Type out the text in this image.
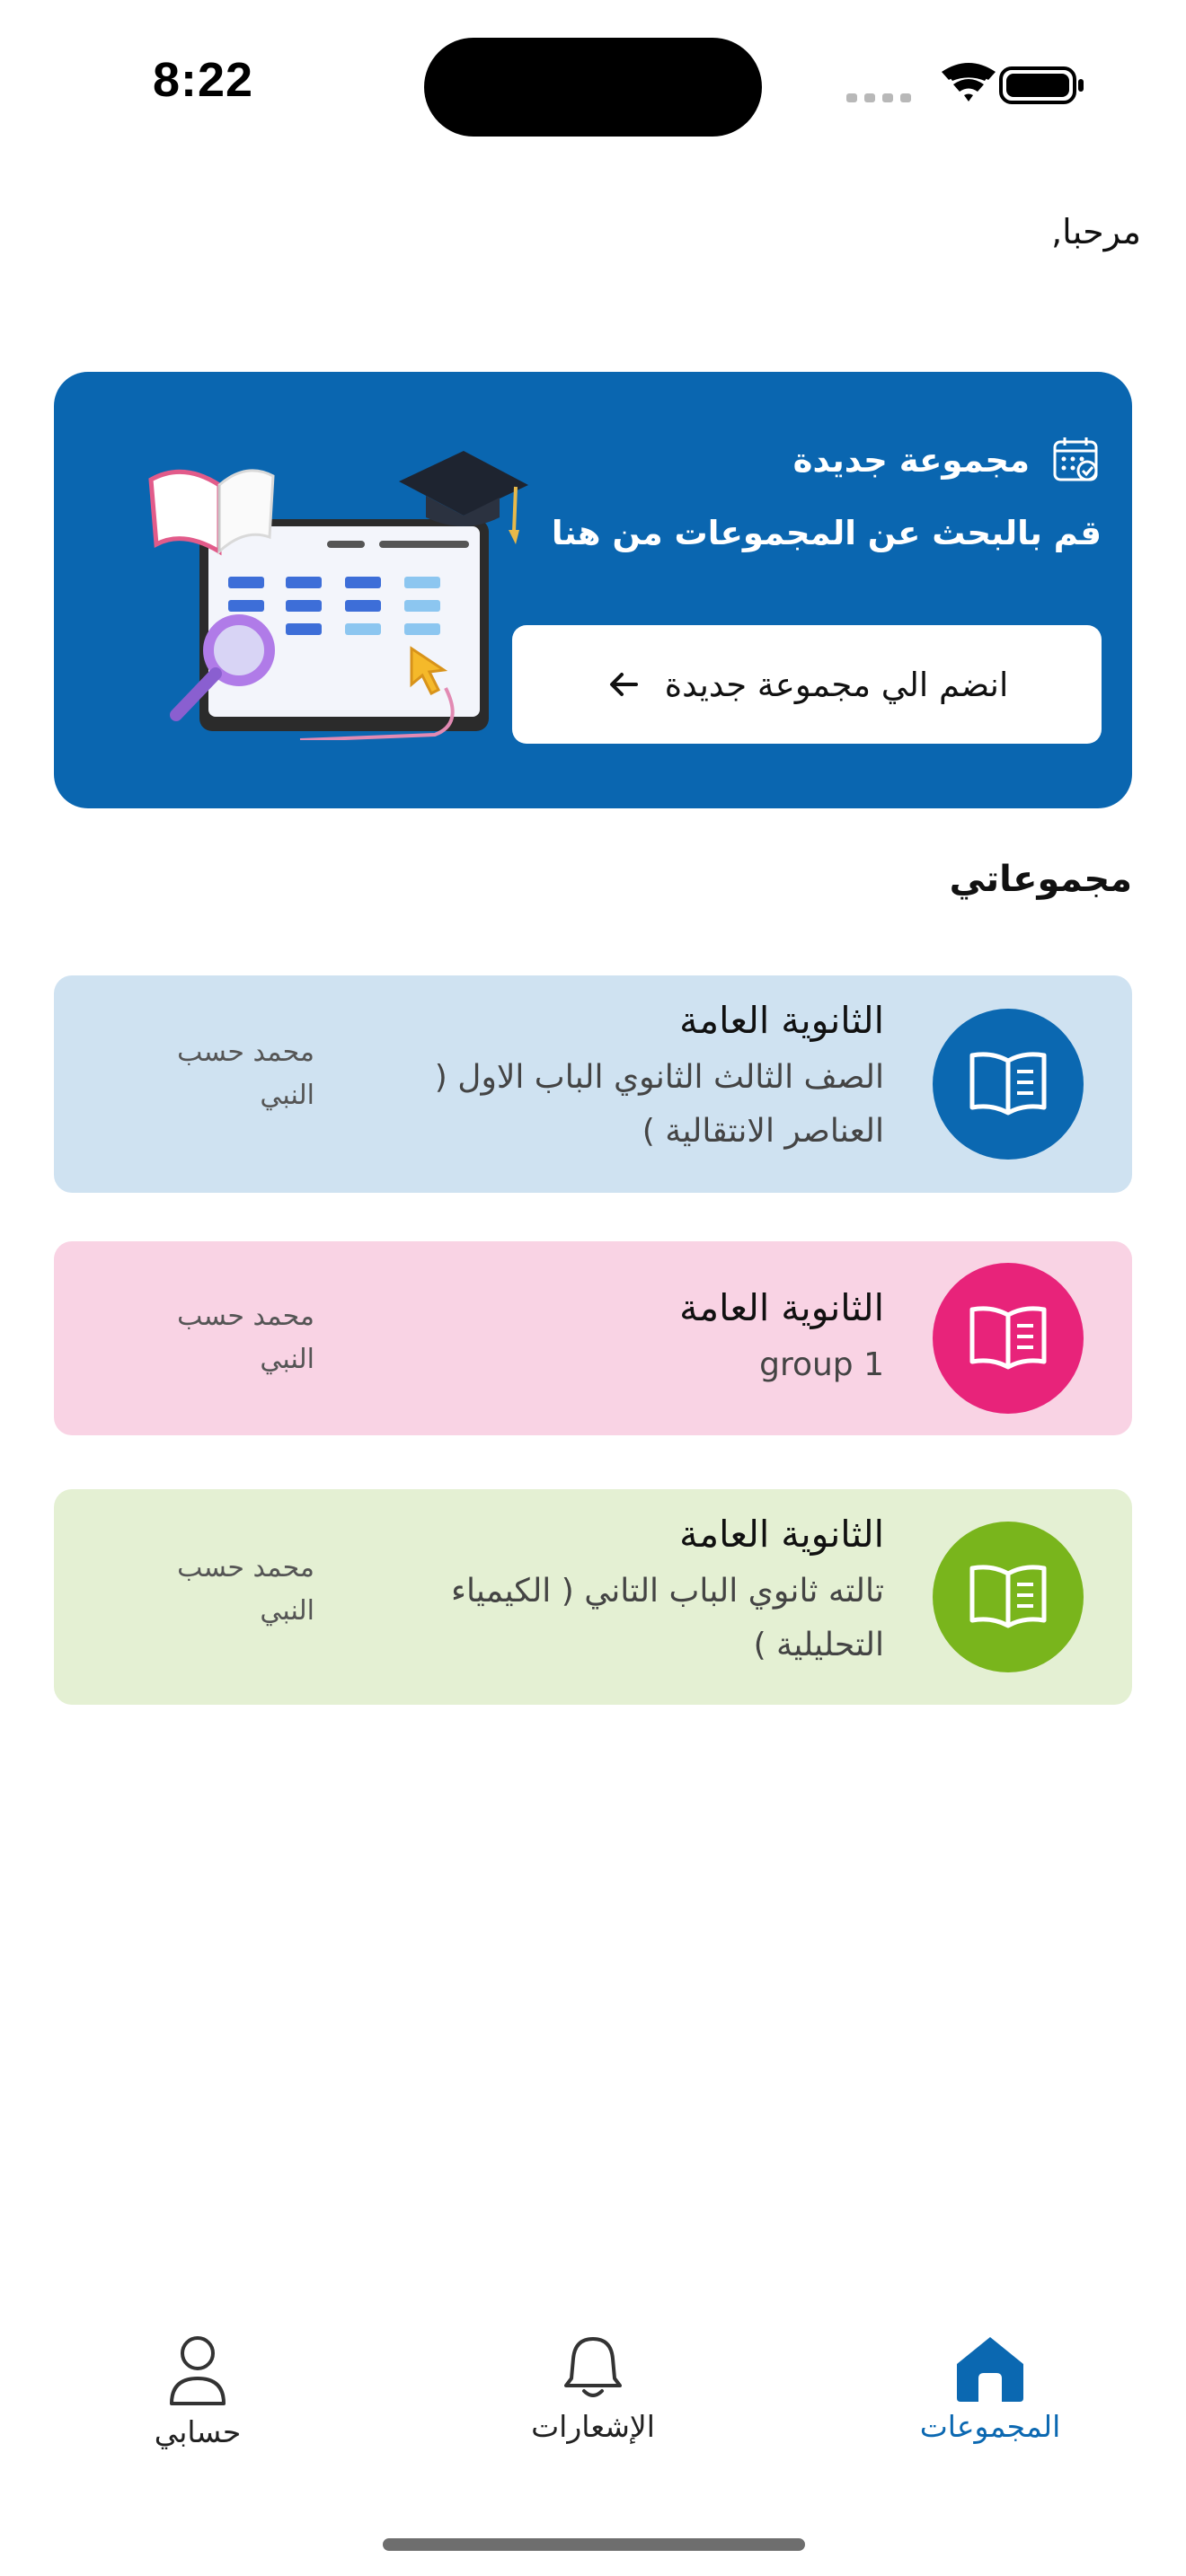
8:22
مرحبا,
مجموعة جديدة
قم بالبحث عن المجموعات من هنا
انضم الي مجموعة جديدة
مجموعاتي
الثانوية العامة
الصف الثالث الثانوي الباب الاول ( العناصر الانتقالية )
محمد حسب النبي
الثانوية العامة
group 1
محمد حسب النبي
الثانوية العامة
تالته ثانوي الباب التاني ( الكيمياء التحليلية )
محمد حسب النبي
المجموعات
الإشعارات
حسابي
